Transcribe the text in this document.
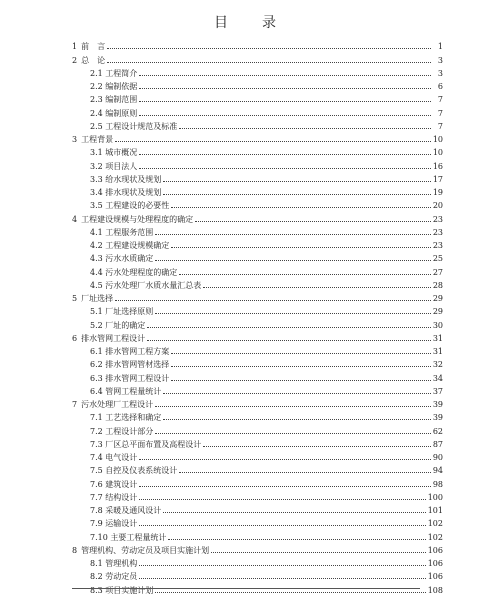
目　录
1 前　言	1
2 总　论	3
2.1 工程简介	3
2.2 编制依据	6
2.3 编制范围	7
2.4 编制原则	7
2.5 工程设计规范及标准	7
3 工程背景	10
3.1 城市概况	10
3.2 项目法人	16
3.3 给水现状及规划	17
3.4 排水现状及规划	19
3.5 工程建设的必要性	20
4 工程建设规模与处理程度的确定	23
4.1 工程服务范围	23
4.2 工程建设规模确定	23
4.3 污水水质确定	25
4.4 污水处理程度的确定	27
4.5 污水处理厂水质水量汇总表	28
5 厂址选择	29
5.1 厂址选择原则	29
5.2 厂址的确定	30
6 排水管网工程设计	31
6.1 排水管网工程方案	31
6.2 排水管网管材选择	32
6.3 排水管网工程设计	34
6.4 管网工程量统计	37
7 污水处理厂工程设计	39
7.1 工艺选择和确定	39
7.2 工程设计部分	62
7.3 厂区总平面布置及高程设计	87
7.4 电气设计	90
7.5 自控及仪表系统设计	94
7.6 建筑设计	98
7.7 结构设计	100
7.8 采暖及通风设计	101
7.9 运输设计	102
7.10 主要工程量统计	102
8 管理机构、劳动定员及项目实施计划	106
8.1 管理机构	106
8.2 劳动定员	106
8.3 项目实施计划	108
